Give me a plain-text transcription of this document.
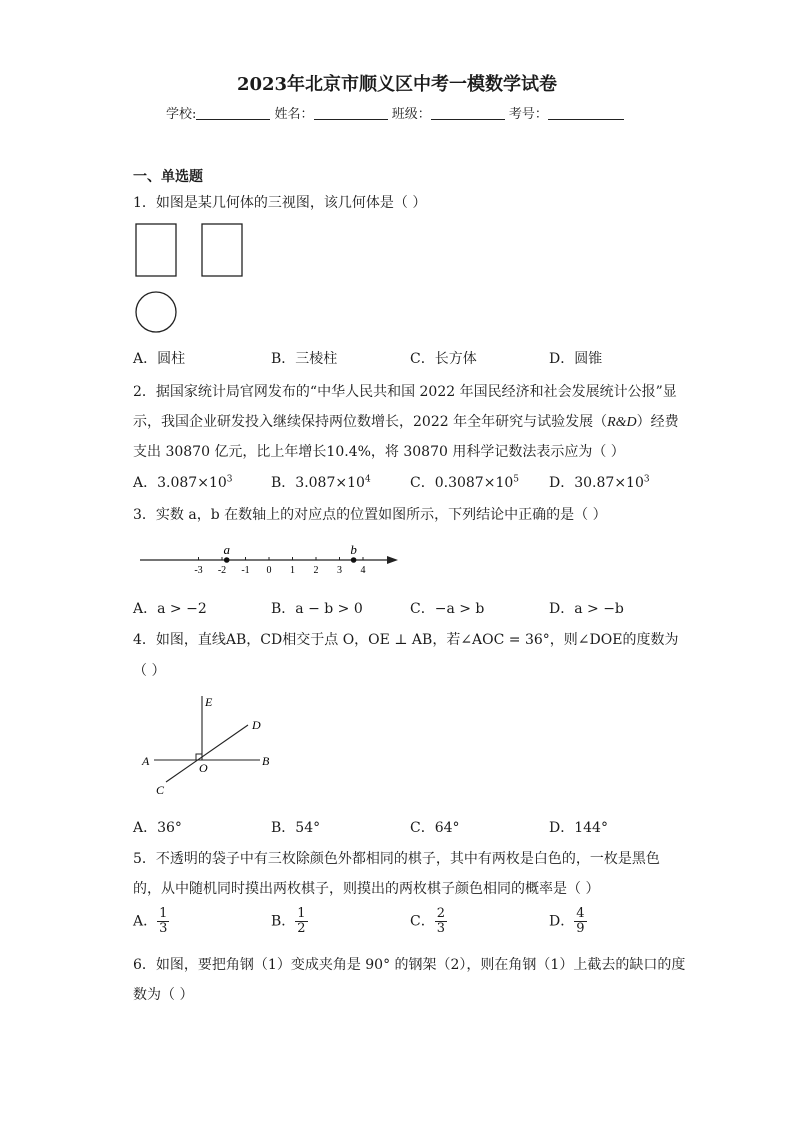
2023年北京市顺义区中考一模数学试卷
学校:	姓名：	班级：	考号：
一、单选题
1．如图是某几何体的三视图，该几何体是（ ）
A．圆柱	B．三棱柱	C．长方体	D．圆锥
2．据国家统计局官网发布的“中华人民共和国 2022 年国民经济和社会发展统计公报”显
示，我国企业研发投入继续保持两位数增长，2022 年全年研究与试验发展（R&D）经费
支出 30870 亿元，比上年增长10.4%，将 30870 用科学记数法表示应为（ ）
A．$3.087\times 10^3$	B．$3.087\times 10^4$	C．$0.3087\times 10^5$ D．$30.87\times 10^3$
3．实数 a，b 在数轴上的对应点的位置如图所示，下列结论中正确的是（ ）
-3 -2 -1 0 1 2 3 4
a	b
A．a > −2	B．a − b > 0	C．−a > b	D．a > −b
4．如图，直线AB，CD相交于点 O，OE ⊥ AB，若∠AOC = 36°，则∠DOE的度数为
（ ）
E
D
A	O	B
C
A．36°	B．54°	C．64°	D．144°
5．不透明的袋子中有三枚除颜色外都相同的棋子，其中有两枚是白色的，一枚是黑色
的，从中随机同时摸出两枚棋子，则摸出的两枚棋子颜色相同的概率是（ ）
A． $\frac{1}{3}$	B． $\frac{1}{2}$	C． $\frac{2}{3}$	D． $\frac{4}{9}$
6．如图，要把角钢（1）变成夹角是 90° 的钢架（2），则在角钢（1）上截去的缺口的度
数为（ ）
